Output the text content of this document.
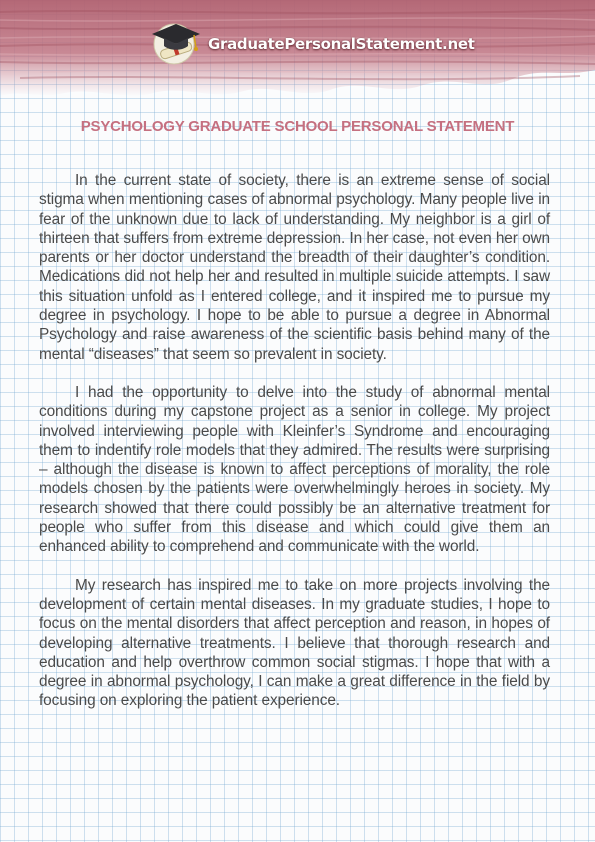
GraduatePersonalStatement.net
PSYCHOLOGY GRADUATE SCHOOL PERSONAL STATEMENT

In the current state of society, there is an extreme sense of social stigma when mentioning cases of abnormal psychology. Many people live in fear of the unknown due to lack of understanding. My neighbor is a girl of thirteen that suffers from extreme depression. In her case, not even her own parents or her doctor understand the breadth of their daughter’s condition. Medications did not help her and resulted in multiple suicide attempts. I saw this situation unfold as I entered college, and it inspired me to pursue my degree in psychology. I hope to be able to pursue a degree in Abnormal Psychology and raise awareness of the scientific basis behind many of the mental “diseases” that seem so prevalent in society.

I had the opportunity to delve into the study of abnormal mental conditions during my capstone project as a senior in college. My project involved interviewing people with Kleinfer’s Syndrome and encouraging them to indentify role models that they admired. The results were surprising – although the disease is known to affect perceptions of morality, the role models chosen by the patients were overwhelmingly heroes in society. My research showed that there could possibly be an alternative treatment for people who suffer from this disease and which could give them an enhanced ability to comprehend and communicate with the world.

My research has inspired me to take on more projects involving the development of certain mental diseases. In my graduate studies, I hope to focus on the mental disorders that affect perception and reason, in hopes of developing alternative treatments. I believe that thorough research and education and help overthrow common social stigmas. I hope that with a degree in abnormal psychology, I can make a great difference in the field by focusing on exploring the patient experience.
